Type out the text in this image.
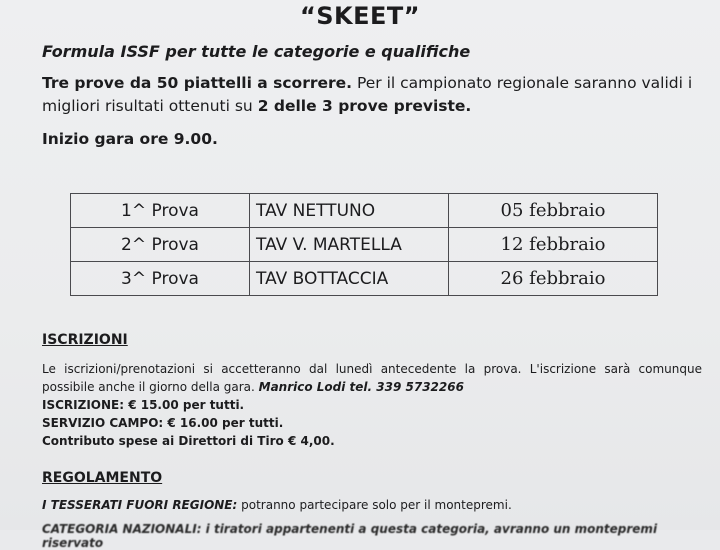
“SKEET”
Formula ISSF per tutte le categorie e qualifiche
Tre prove da 50 piattelli a scorrere. Per il campionato regionale saranno validi i migliori risultati ottenuti su 2 delle 3 prove previste.
Inizio gara ore 9.00.
1^ Prova	TAV NETTUNO	05 febbraio
2^ Prova	TAV V. MARTELLA	12 febbraio
3^ Prova	TAV BOTTACCIA	26 febbraio
ISCRIZIONI
Le iscrizioni/prenotazioni si accetteranno dal lunedì antecedente la prova. L'iscrizione sarà comunque possibile anche il giorno della gara. Manrico Lodi tel. 339 5732266
ISCRIZIONE: € 15.00 per tutti.
SERVIZIO CAMPO: € 16.00 per tutti.
Contributo spese ai Direttori di Tiro € 4,00.
REGOLAMENTO
I TESSERATI FUORI REGIONE: potranno partecipare solo per il montepremi.
CATEGORIA NAZIONALI: i tiratori appartenenti a questa categoria, avranno un montepremi riservato
